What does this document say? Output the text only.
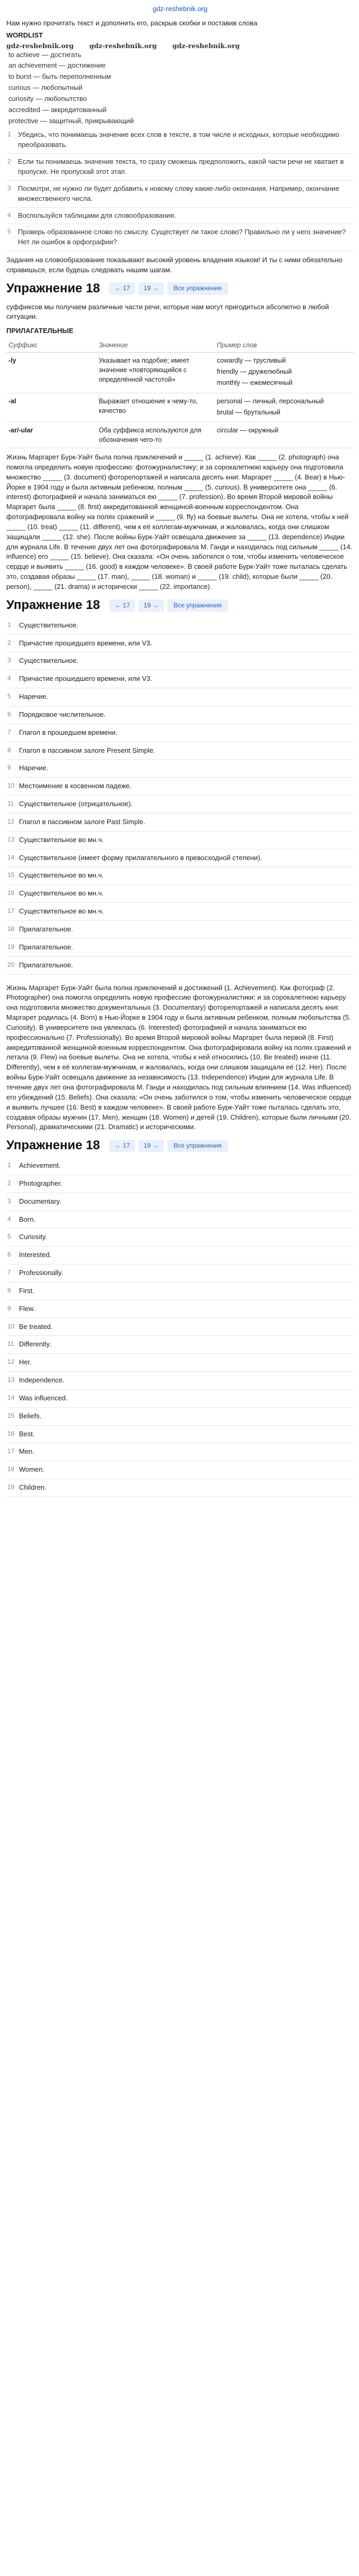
gdz-reshebnik.org
Нам нужно прочитать текст и дополнить его, раскрыв скобки и поставив слова
WORDLIST
gdz-reshebnik.org gdz-reshebnik.org gdz-reshebnik.org
to achieve — достигать
an achievement — достижение
to burst — быть переполненным
curious — любопытный
curiosity — любопытство
accredited — аккредитованный
protective — защитный, прикрывающий
1 Убедись, что понимаешь значение всех слов в тексте, в том числе и исходных, которые необходимо преобразовать.
2 Если ты понимаешь значение текста, то сразу сможешь предположить, какой части речи не хватает в пропуске. Не пропускай этот этап.
3 Посмотри, не нужно ли будет добавить к новому слову какие-либо окончания. Например, окончание множественного числа.
4 Воспользуйся таблицами для словообразования.
5 Проверь образованное слово по смыслу. Существует ли такое слово? Правильно ли у него значение? Нет ли ошибок в орфографии?
Задания на словообразование показывают высокий уровень владения языком! И ты с ними обязательно справишься, если будешь следовать нашим шагам.
Упражнение 18	← 17	19 →	Все упражнения
суффиксов мы получаем различные части речи, которые нам могут пригодиться абсолютно в любой ситуации.
ПРИЛАГАТЕЛЬНЫЕ
Суффикс	Значение	Пример слов
-ly	Указывает на подобие; имеет значение «повторяющийся с определённой частотой»	cowardly — трусливый
friendly — дружелюбный
monthly — ежемесячный

-al	Выражает отношение к чему-то, качество	personal — личный, персональный
brutal — брутальный

-ar/-ular	Оба суффикса используются для обозначения чего-то	circular — окружный
Жизнь Маргарет Бурк-Уайт была полна приключений и _____ (1. achieve). Как _____ (2. photograph) она помогла определить новую профессию: фотожурналистику; и за сорокалетнюю карьеру она подготовила множество _____ (3. document) фоторепортажей и написала десять книг. Маргарет _____ (4. Bear) в Нью-Йорке в 1904 году и была активным ребенком, полным _____ (5. curious). В университете она _____ (6. interest) фотографией и начала заниматься ею _____ (7. profession). Во время Второй мировой войны Маргарет была _____ (8. first) аккредитованной женщиной-военным корреспондентом. Она фотографировала войну на полях сражений и _____ (9. fly) на боевые вылеты. Она не хотела, чтобы к ней _____ (10. treat) _____ (11. different), чем к её коллегам-мужчинам, и жаловалась, когда они слишком защищали _____ (12. she). После войны Бурк-Уайт освещала движение за _____ (13. dependence) Индии для журнала Life. В течение двух лет она фотографировала М. Ганди и находилась под сильным _____ (14. influence) его _____ (15. believe). Она сказала: «Он очень заботился о том, чтобы изменить человеческое сердце и выявить _____ (16. good) в каждом человеке». В своей работе Бурк-Уайт тоже пыталась сделать это, создавая образы _____ (17. man), _____ (18. woman) и _____ (19. child), которые были _____ (20. person), _____ (21. drama) и исторически _____ (22. importance).
Упражнение 18	← 17	19 →	Все упражнения
1 Существительное.
2 Причастие прошедшего времени, или V3.
3 Существительное.
4 Причастие прошедшего времени, или V3.
5 Наречие.
6 Порядковое числительное.
7 Глагол в прошедшем времени.
8 Глагол в пассивном залоге Present Simple.
9 Наречие.
10 Местоимение в косвенном падеже.
11 Существительное (отрицательное).
12 Глагол в пассивном залоге Past Simple.
13 Существительное во мн.ч.
14 Существительное (имеет форму прилагательного в превосходной степени).
15 Существительное во мн.ч.
16 Существительное во мн.ч.
17 Существительное во мн.ч.
18 Прилагательное.
19 Прилагательное.
20 Прилагательное.
Жизнь Маргарет Бурк-Уайт была полна приключений и достижений (1. Achievement). Как фотограф (2. Photographer) она помогла определить новую профессию фотожурналистики; и за сорокалетнюю карьеру она подготовила множество документальных (3. Documentary) фоторепортажей и написала десять книг. Маргарет родилась (4. Born) в Нью-Йорке в 1904 году и была активным ребенком, полным любопытства (5. Curiosity). В университете она увлеклась (6. Interested) фотографией и начала заниматься ею профессионально (7. Professionally). Во время Второй мировой войны Маргарет была первой (8. First) аккредитованной женщиной-военным корреспондентом. Она фотографировала войну на полях сражений и летала (9. Flew) на боевые вылеты. Она не хотела, чтобы к ней относились (10. Be treated) иначе (11. Differently), чем к её коллегам-мужчинам, и жаловалась, когда они слишком защищали её (12. Her). После войны Бурк-Уайт освещала движение за независимость (13. Independence) Индии для журнала Life. В течение двух лет она фотографировала М. Ганди и находилась под сильным влиянием (14. Was influenced) его убеждений (15. Beliefs). Она сказала: «Он очень заботился о том, чтобы изменить человеческое сердце и выявить лучшее (16. Best) в каждом человеке». В своей работе Бурк-Уайт тоже пыталась сделать это, создавая образы мужчин (17. Men), женщин (18. Women) и детей (19. Children), которые были личными (20. Personal), драматическими (21. Dramatic) и историческими.
Упражнение 18	← 17	19 →	Все упражнения
1 Achievement.
2 Photographer.
3 Documentary.
4 Born.
5 Curiosity.
6 Interested.
7 Professionally.
8 First.
9 Flew.
10 Be treated.
11 Differently.
12 Her.
13 Independence.
14 Was influenced.
15 Beliefs.
16 Best.
17 Men.
18 Women.
19 Children.
